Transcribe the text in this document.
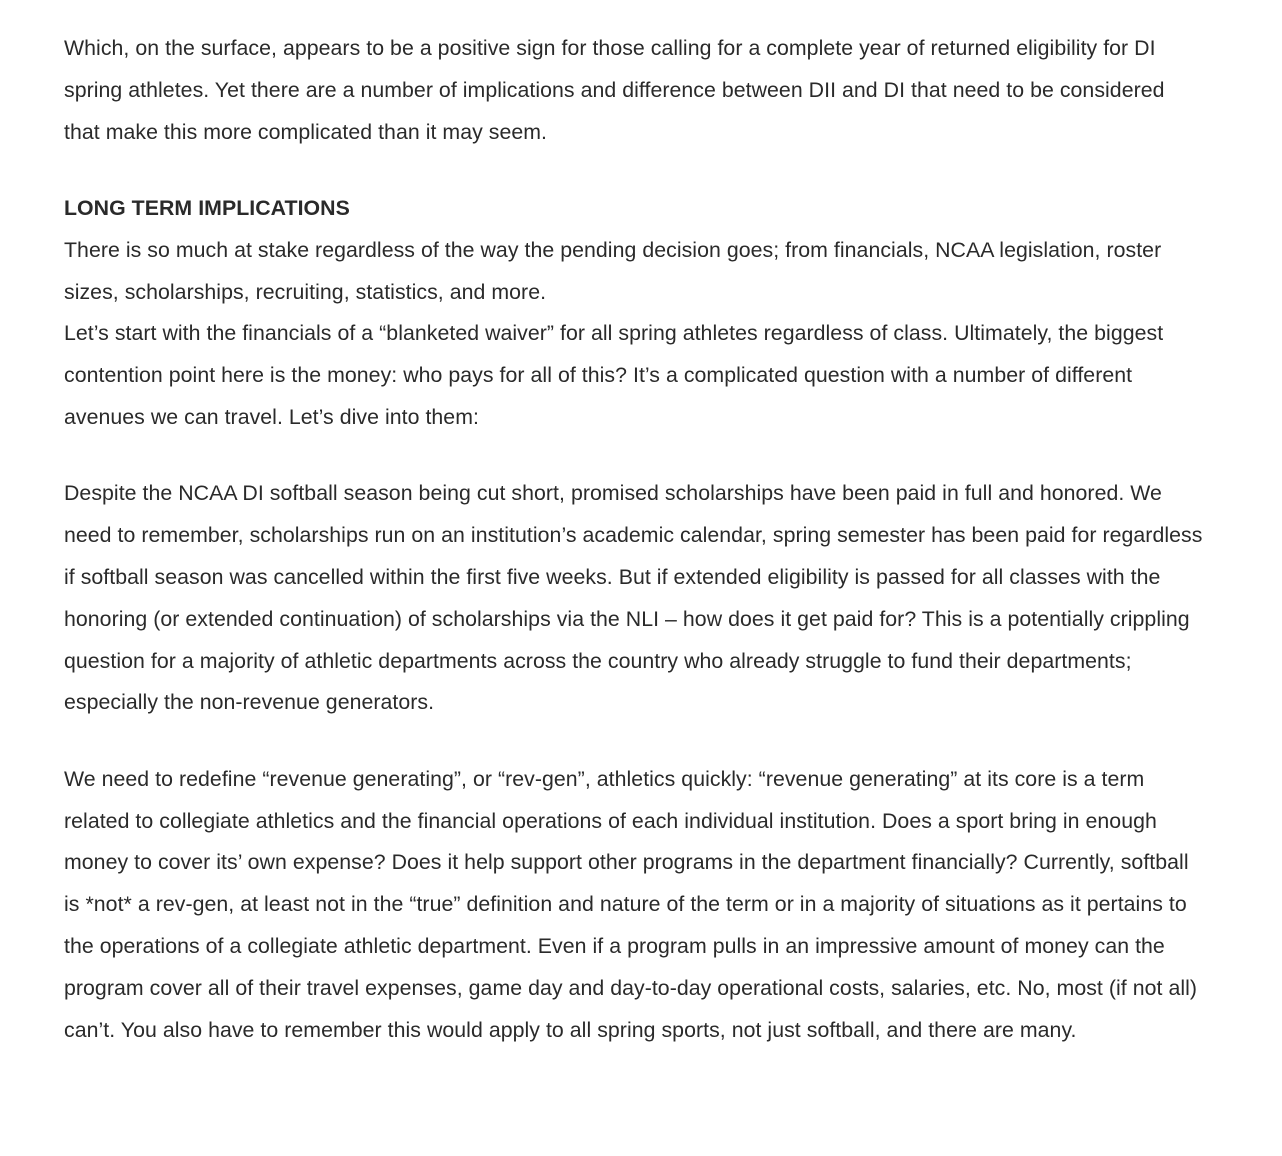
Which, on the surface, appears to be a positive sign for those calling for a complete year of returned eligibility for DI spring athletes. Yet there are a number of implications and difference between DII and DI that need to be considered that make this more complicated than it may seem.

LONG TERM IMPLICATIONS

There is so much at stake regardless of the way the pending decision goes; from financials, NCAA legislation, roster sizes, scholarships, recruiting, statistics, and more.

Let’s start with the financials of a “blanketed waiver” for all spring athletes regardless of class. Ultimately, the biggest contention point here is the money: who pays for all of this? It’s a complicated question with a number of different avenues we can travel. Let’s dive into them:

Despite the NCAA DI softball season being cut short, promised scholarships have been paid in full and honored. We need to remember, scholarships run on an institution’s academic calendar, spring semester has been paid for regardless if softball season was cancelled within the first five weeks. But if extended eligibility is passed for all classes with the honoring (or extended continuation) of scholarships via the NLI – how does it get paid for? This is a potentially crippling question for a majority of athletic departments across the country who already struggle to fund their departments; especially the non-revenue generators.

We need to redefine “revenue generating”, or “rev-gen”, athletics quickly: “revenue generating” at its core is a term related to collegiate athletics and the financial operations of each individual institution. Does a sport bring in enough money to cover its’ own expense? Does it help support other programs in the department financially? Currently, softball is *not* a rev-gen, at least not in the “true” definition and nature of the term or in a majority of situations as it pertains to the operations of a collegiate athletic department. Even if a program pulls in an impressive amount of money can the program cover all of their travel expenses, game day and day-to-day operational costs, salaries, etc. No, most (if not all) can’t. You also have to remember this would apply to all spring sports, not just softball, and there are many.
